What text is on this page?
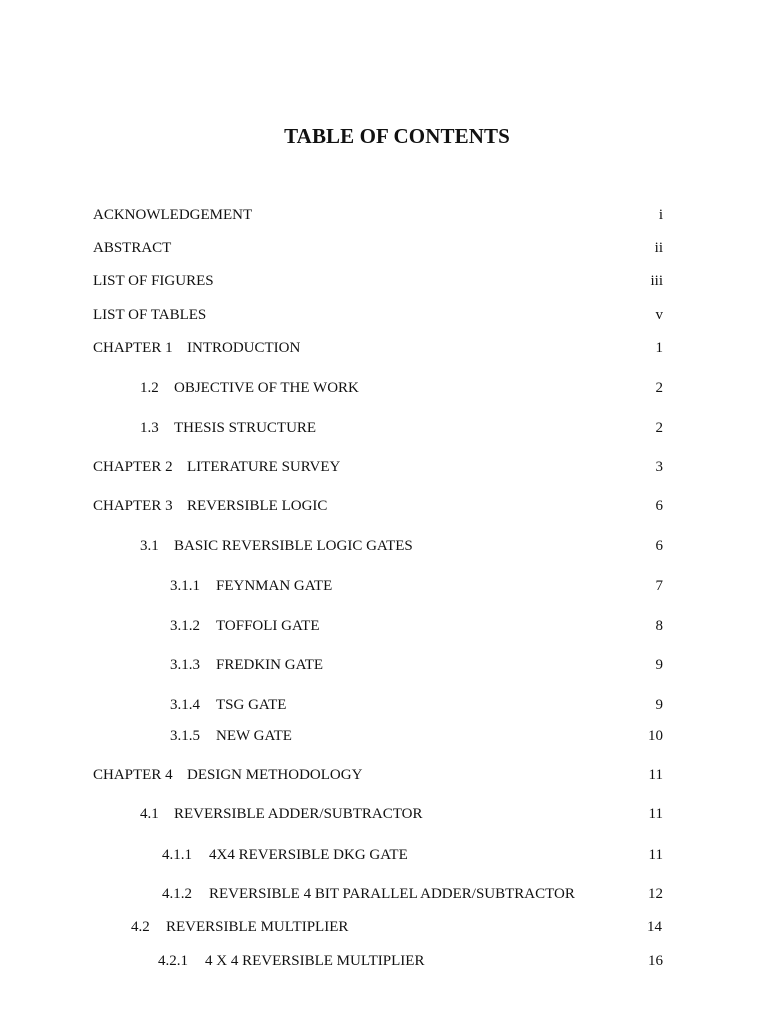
TABLE OF CONTENTS
ACKNOWLEDGEMENT	i
ABSTRACT	ii
LIST OF FIGURES	iii
LIST OF TABLES	v
CHAPTER 1 INTRODUCTION	1
1.2 OBJECTIVE OF THE WORK	2
1.3 THESIS STRUCTURE	2
CHAPTER 2 LITERATURE SURVEY	3
CHAPTER 3 REVERSIBLE LOGIC	6
3.1 BASIC REVERSIBLE LOGIC GATES	6
3.1.1 FEYNMAN GATE	7
3.1.2 TOFFOLI GATE	8
3.1.3 FREDKIN GATE	9
3.1.4 TSG GATE	9
3.1.5 NEW GATE	10
CHAPTER 4 DESIGN METHODOLOGY	11
4.1 REVERSIBLE ADDER/SUBTRACTOR	11
4.1.1 4X4 REVERSIBLE DKG GATE	11
4.1.2 REVERSIBLE 4 BIT PARALLEL ADDER/SUBTRACTOR	12
4.2 REVERSIBLE MULTIPLIER	14
4.2.1 4 X 4 REVERSIBLE MULTIPLIER	16
